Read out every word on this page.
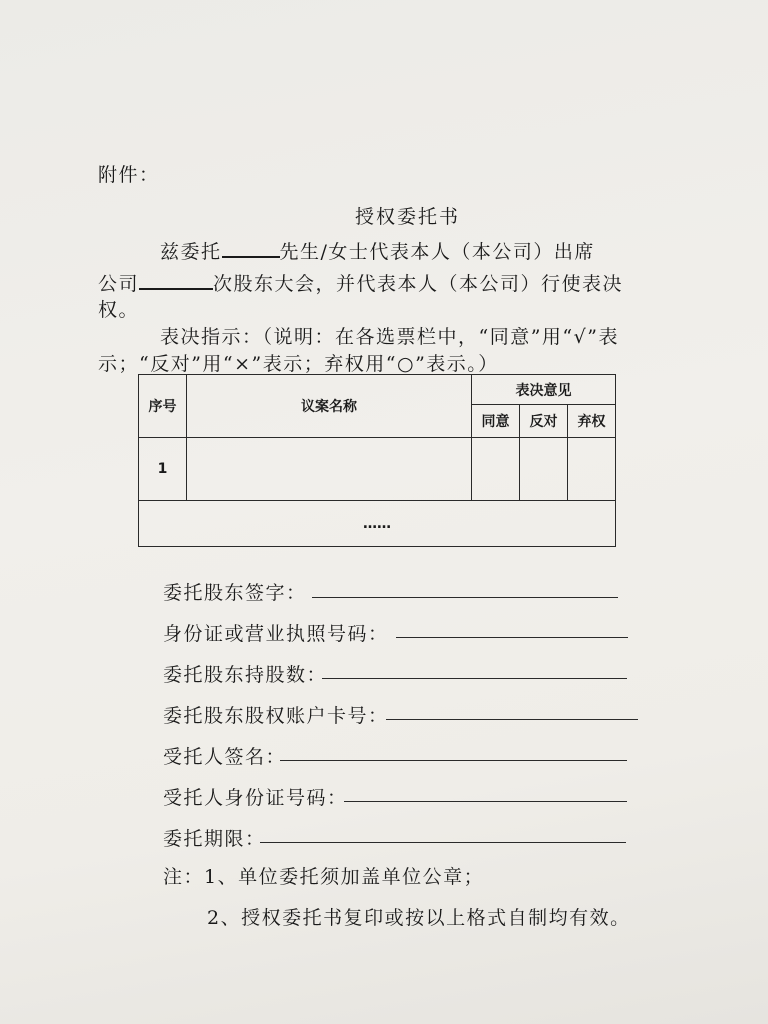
附件：
授权委托书
兹委托	先生/女士代表本人（本公司）出席
公司	次股东大会，并代表本人（本公司）行使表决
权。
表决指示：（说明：在各选票栏中，“同意”用“√”表
示；“反对”用“×”表示；弃权用“○”表示。）
序号	议案名称	表决意见		
		同意	反对	弃权
1				
……				
委托股东签字：
身份证或营业执照号码：
委托股东持股数：
委托股东股权账户卡号：
受托人签名：
受托人身份证号码：
委托期限：
注：1、单位委托须加盖单位公章；
2、授权委托书复印或按以上格式自制均有效。
